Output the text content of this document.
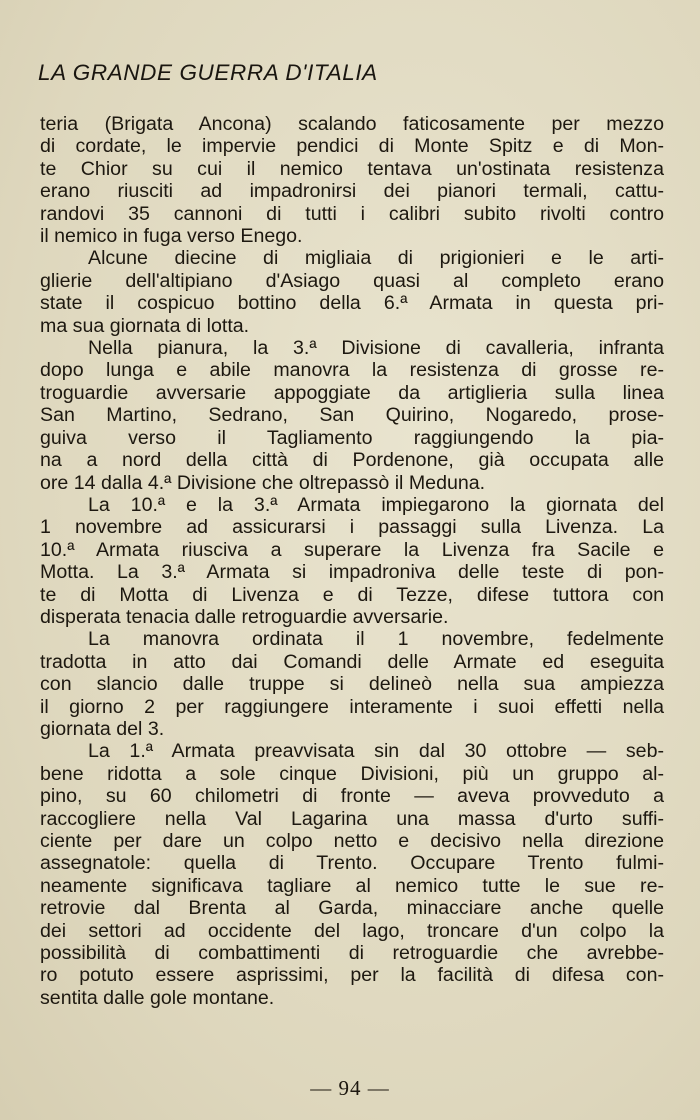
LA GRANDE GUERRA D'ITALIA
teria (Brigata Ancona) scalando faticosamente per mezzo
di cordate, le impervie pendici di Monte Spitz e di Mon-
te Chior su cui il nemico tentava un'ostinata resistenza
erano riusciti ad impadronirsi dei pianori termali, cattu-
randovi 35 cannoni di tutti i calibri subito rivolti contro
il nemico in fuga verso Enego.
Alcune diecine di migliaia di prigionieri e le arti-
glierie dell'altipiano d'Asiago quasi al completo erano
state il cospicuo bottino della 6.ª Armata in questa pri-
ma sua giornata di lotta.
Nella pianura, la 3.ª Divisione di cavalleria, infranta
dopo lunga e abile manovra la resistenza di grosse re-
troguardie avversarie appoggiate da artiglieria sulla linea
San Martino, Sedrano, San Quirino, Nogaredo, prose-
guiva verso il Tagliamento raggiungendo la pia-
na a nord della città di Pordenone, già occupata alle
ore 14 dalla 4.ª Divisione che oltrepassò il Meduna.
La 10.ª e la 3.ª Armata impiegarono la giornata del
1 novembre ad assicurarsi i passaggi sulla Livenza. La
10.ª Armata riusciva a superare la Livenza fra Sacile e
Motta. La 3.ª Armata si impadroniva delle teste di pon-
te di Motta di Livenza e di Tezze, difese tuttora con
disperata tenacia dalle retroguardie avversarie.
La manovra ordinata il 1 novembre, fedelmente
tradotta in atto dai Comandi delle Armate ed eseguita
con slancio dalle truppe si delineò nella sua ampiezza
il giorno 2 per raggiungere interamente i suoi effetti nella
giornata del 3.
La 1.ª Armata preavvisata sin dal 30 ottobre — seb-
bene ridotta a sole cinque Divisioni, più un gruppo al-
pino, su 60 chilometri di fronte — aveva provveduto a
raccogliere nella Val Lagarina una massa d'urto suffi-
ciente per dare un colpo netto e decisivo nella direzione
assegnatole: quella di Trento. Occupare Trento fulmi-
neamente significava tagliare al nemico tutte le sue re-
retrovie dal Brenta al Garda, minacciare anche quelle
dei settori ad occidente del lago, troncare d'un colpo la
possibilità di combattimenti di retroguardie che avrebbe-
ro potuto essere asprissimi, per la facilità di difesa con-
sentita dalle gole montane.
— 94 —
